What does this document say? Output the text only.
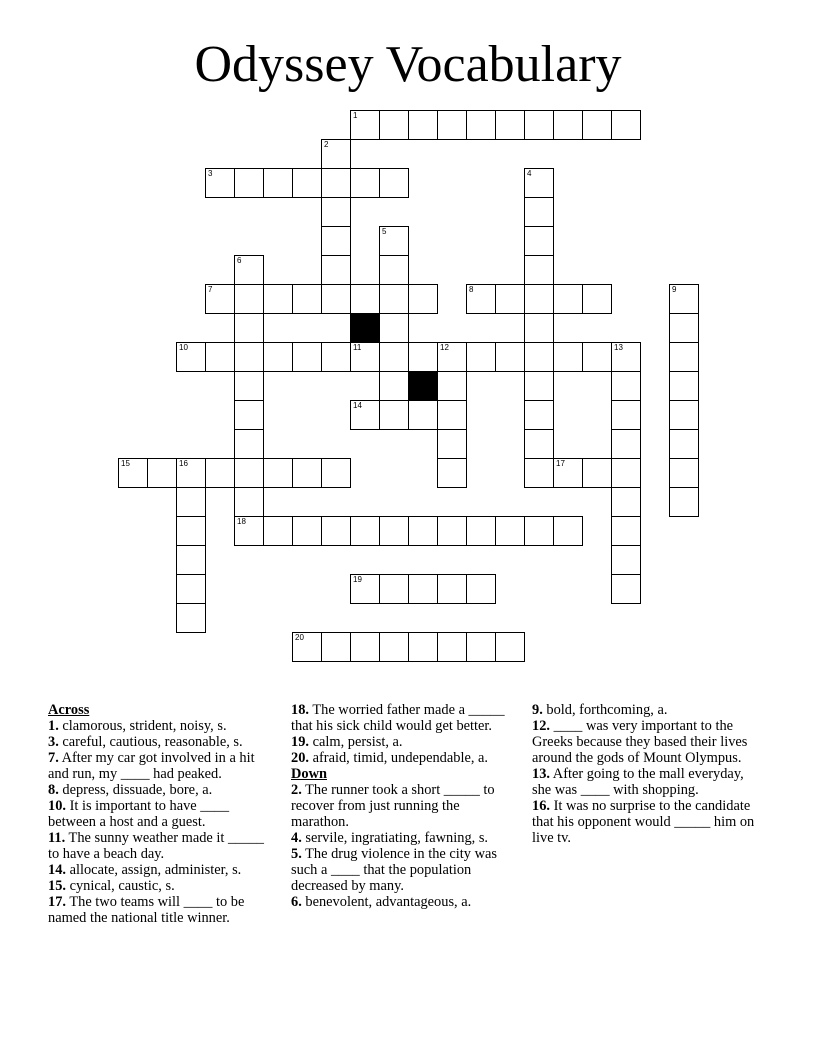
Odyssey Vocabulary
1
2
3	4
5
6
7	8	9
10	11	12	13
14
15	16	17
18
19
20

Across

1. clamorous, strident, noisy, s.

3. careful, cautious, reasonable, s.

7. After my car got involved in a hit and run, my ____ had peaked.

8. depress, dissuade, bore, a.

10. It is important to have ____ between a host and a guest.

11. The sunny weather made it _____ to have a beach day.

14. allocate, assign, administer, s.

15. cynical, caustic, s.

17. The two teams will ____ to be named the national title winner.

18. The worried father made a _____ that his sick child would get better.

19. calm, persist, a.

20. afraid, timid, undependable, a.

Down

2. The runner took a short _____ to recover from just running the marathon.

4. servile, ingratiating, fawning, s.

5. The drug violence in the city was such a ____ that the population decreased by many.

6. benevolent, advantageous, a.

9. bold, forthcoming, a.

12. ____ was very important to the Greeks because they based their lives around the gods of Mount Olympus.

13. After going to the mall everyday, she was ____ with shopping.

16. It was no surprise to the candidate that his opponent would _____ him on live tv.
